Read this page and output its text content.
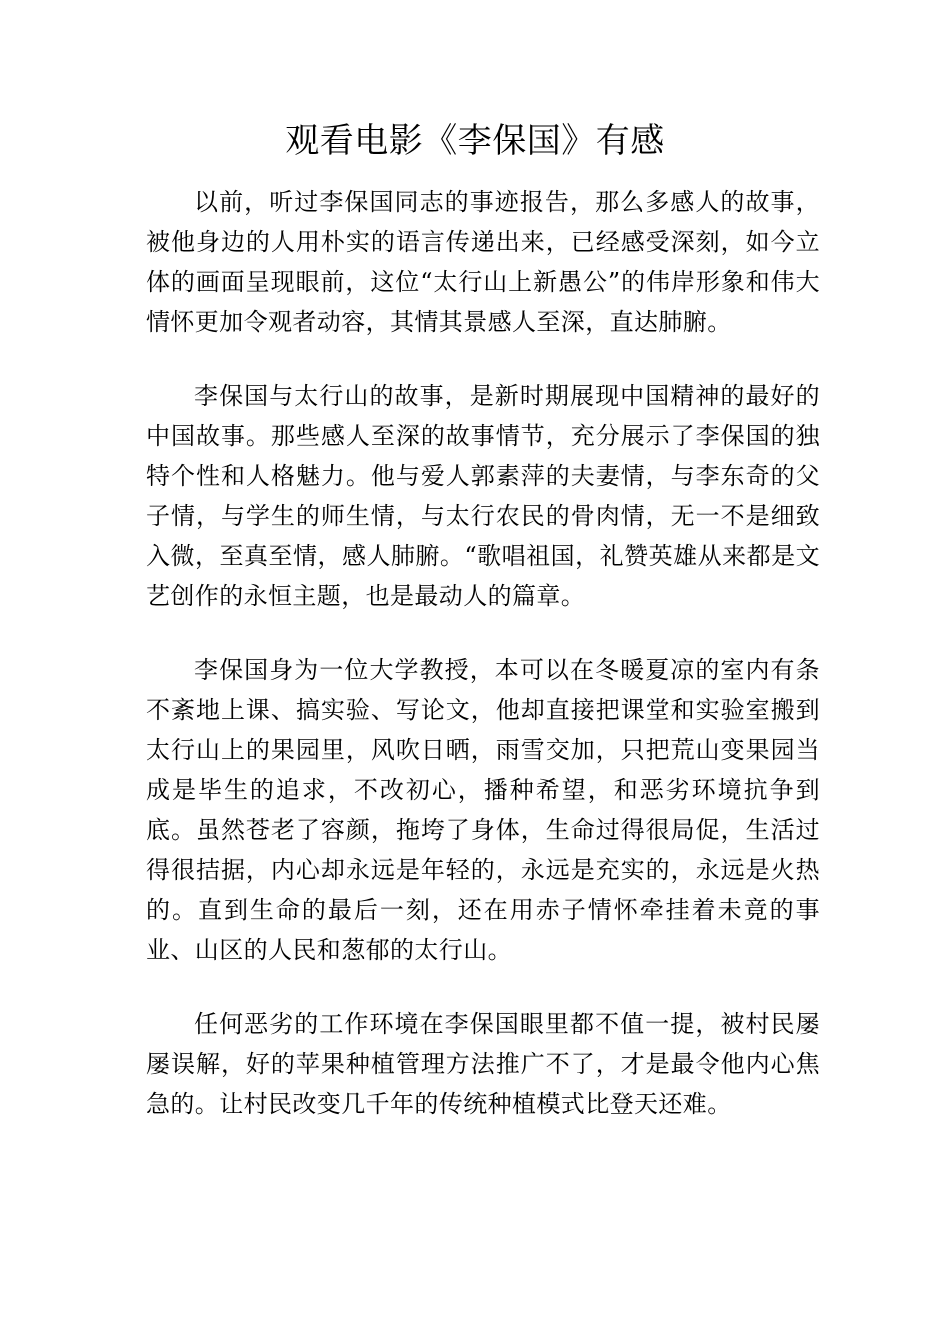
观看电影《李保国》有感

以前，听过李保国同志的事迹报告，那么多感人的故事，被他身边的人用朴实的语言传递出来，已经感受深刻，如今立体的画面呈现眼前，这位“太行山上新愚公”的伟岸形象和伟大情怀更加令观者动容，其情其景感人至深，直达肺腑。

李保国与太行山的故事，是新时期展现中国精神的最好的中国故事。那些感人至深的故事情节，充分展示了李保国的独特个性和人格魅力。他与爱人郭素萍的夫妻情，与李东奇的父子情，与学生的师生情，与太行农民的骨肉情，无一不是细致入微，至真至情，感人肺腑。“歌唱祖国，礼赞英雄从来都是文艺创作的永恒主题，也是最动人的篇章。

李保国身为一位大学教授，本可以在冬暖夏凉的室内有条不紊地上课、搞实验、写论文，他却直接把课堂和实验室搬到太行山上的果园里，风吹日晒，雨雪交加，只把荒山变果园当成是毕生的追求，不改初心，播种希望，和恶劣环境抗争到底。虽然苍老了容颜，拖垮了身体，生命过得很局促，生活过得很拮据，内心却永远是年轻的，永远是充实的，永远是火热的。直到生命的最后一刻，还在用赤子情怀牵挂着未竟的事业、山区的人民和葱郁的太行山。

任何恶劣的工作环境在李保国眼里都不值一提，被村民屡屡误解，好的苹果种植管理方法推广不了，才是最令他内心焦急的。让村民改变几千年的传统种植模式比登天还难。
